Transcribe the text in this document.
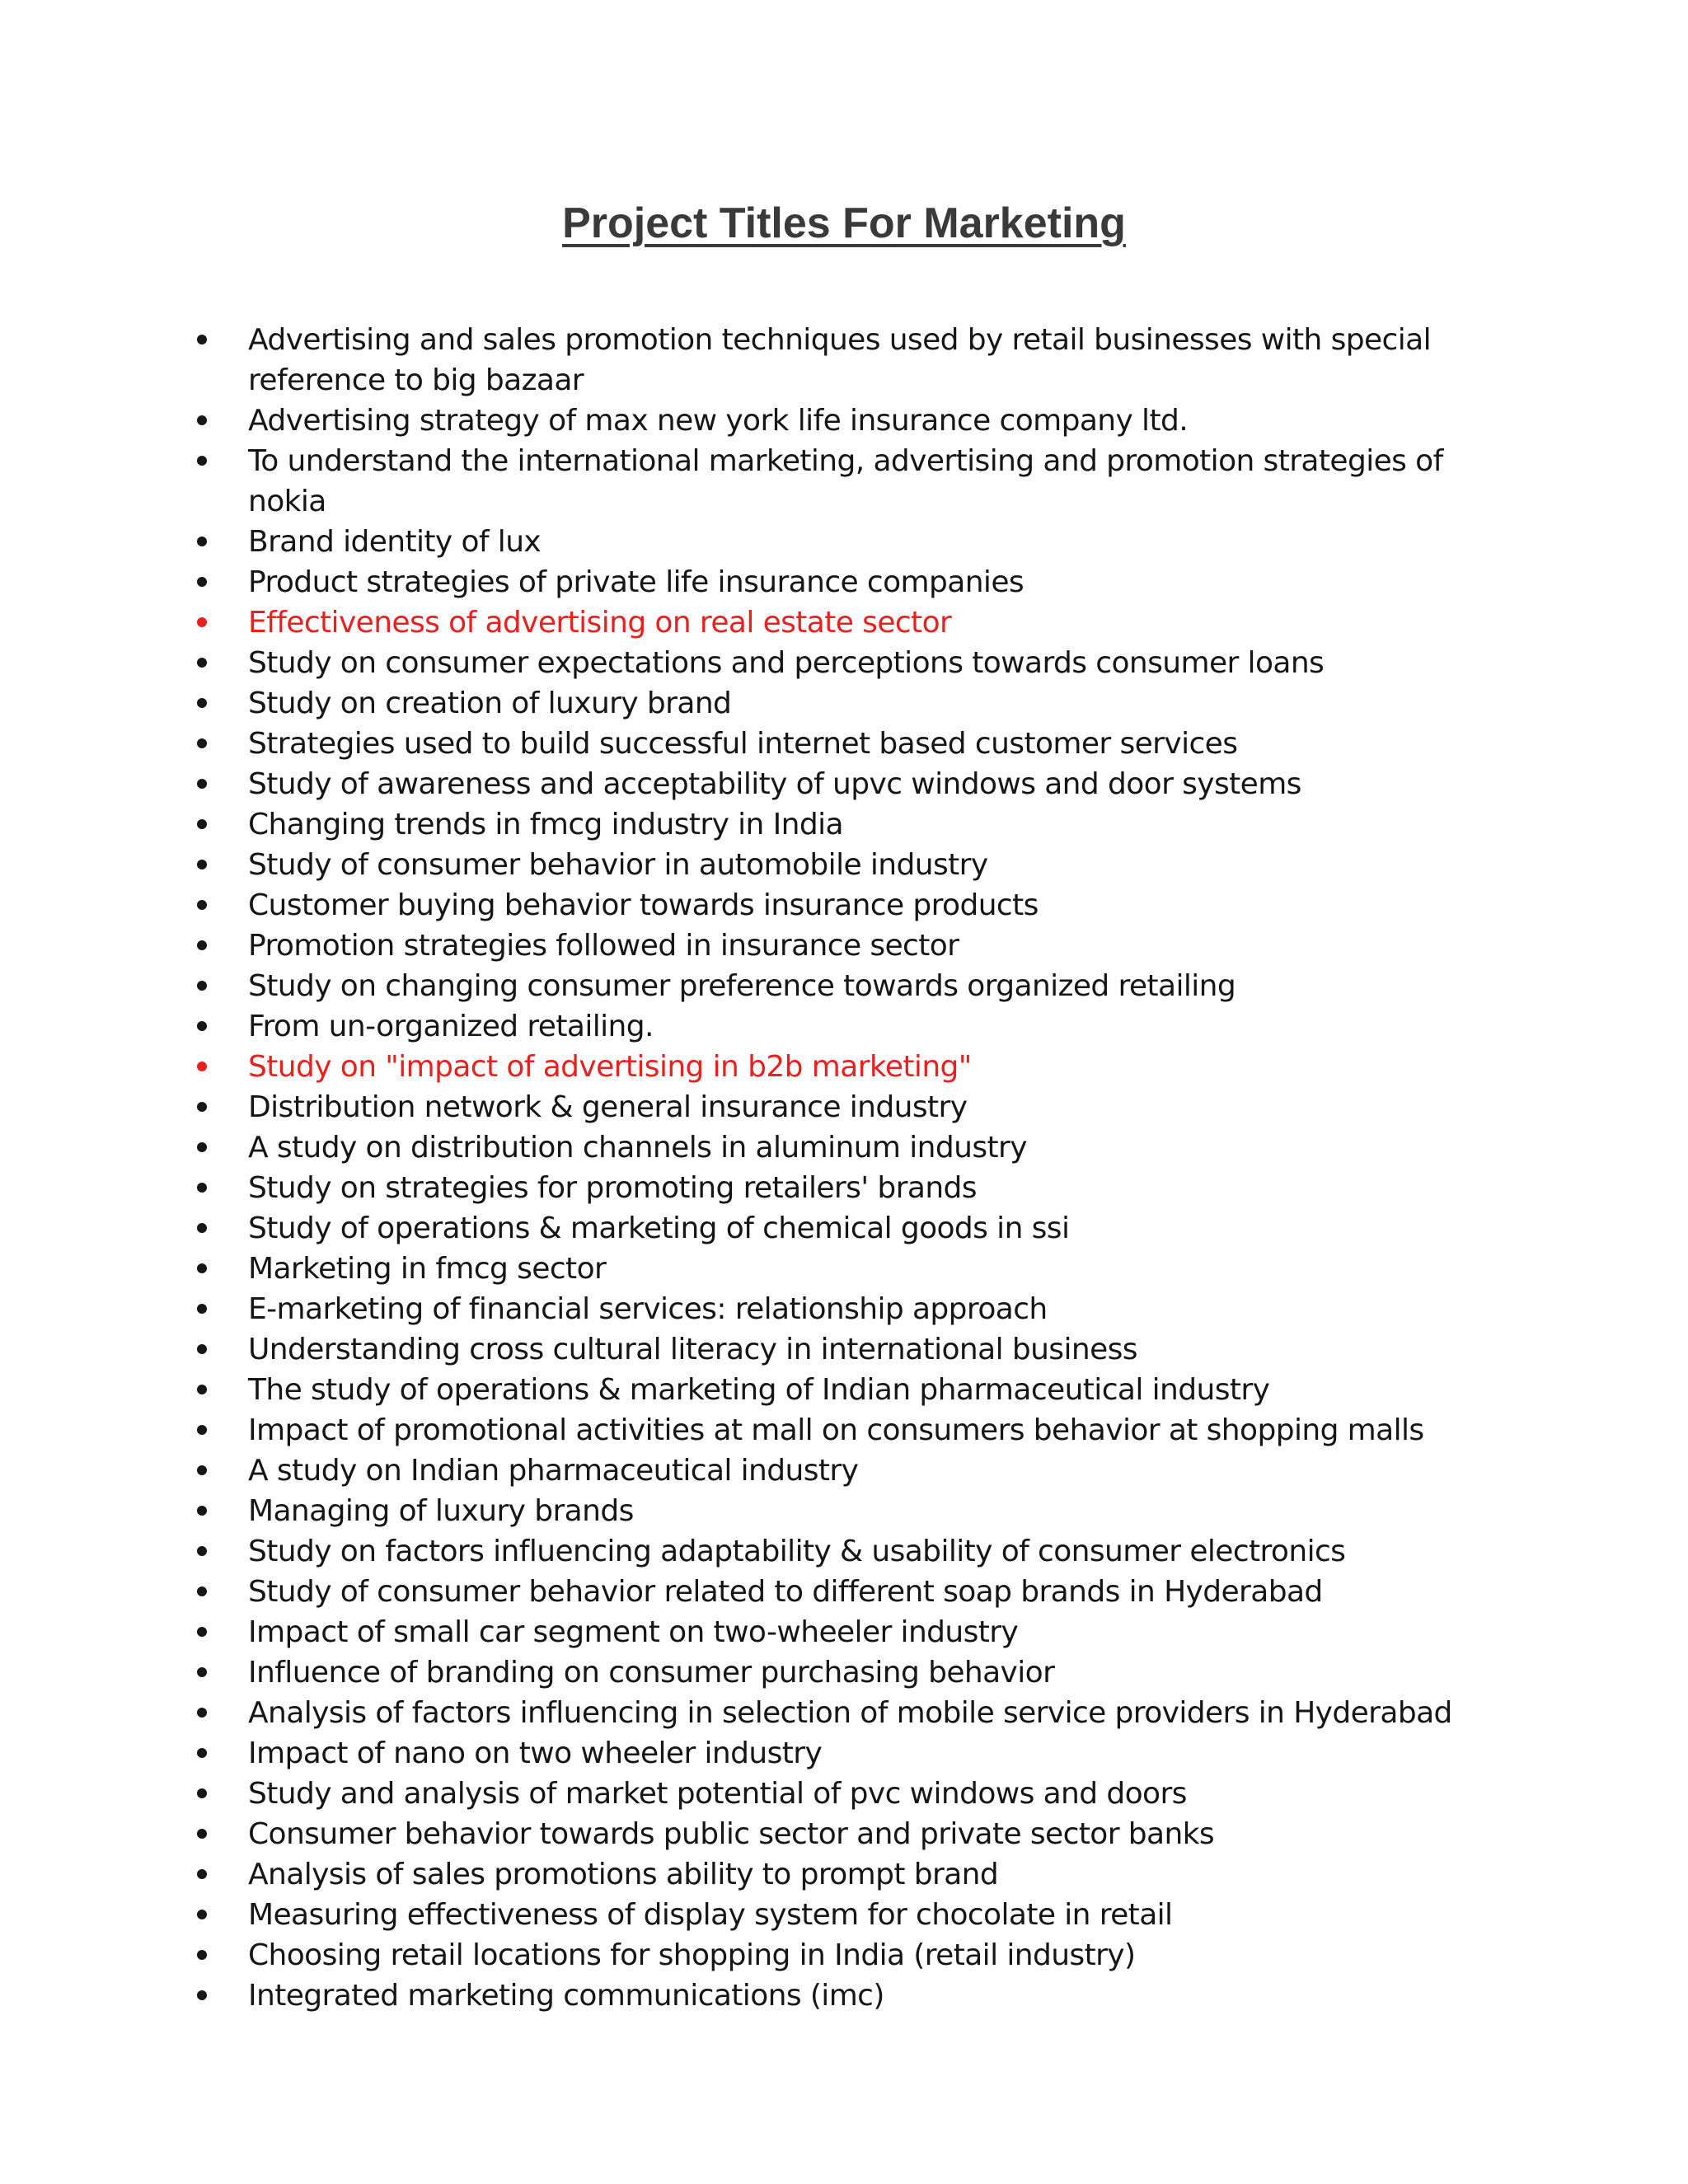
Project Titles For Marketing
Advertising and sales promotion techniques used by retail businesses with special reference to big bazaar
Advertising strategy of max new york life insurance company ltd.
To understand the international marketing, advertising and promotion strategies of nokia
Brand identity of lux
Product strategies of private life insurance companies
Effectiveness of advertising on real estate sector
Study on consumer expectations and perceptions towards consumer loans
Study on creation of luxury brand
Strategies used to build successful internet based customer services
Study of awareness and acceptability of upvc windows and door systems
Changing trends in fmcg industry in India
Study of consumer behavior in automobile industry
Customer buying behavior towards insurance products
Promotion strategies followed in insurance sector
Study on changing consumer preference towards organized retailing
From un-organized retailing.
Study on "impact of advertising in b2b marketing"
Distribution network & general insurance industry
A study on distribution channels in aluminum industry
Study on strategies for promoting retailers' brands
Study of operations & marketing of chemical goods in ssi
Marketing in fmcg sector
E-marketing of financial services: relationship approach
Understanding cross cultural literacy in international business
The study of operations & marketing of Indian pharmaceutical industry
Impact of promotional activities at mall on consumers behavior at shopping malls
A study on Indian pharmaceutical industry
Managing of luxury brands
Study on factors influencing adaptability & usability of consumer electronics
Study of consumer behavior related to different soap brands in Hyderabad
Impact of small car segment on two-wheeler industry
Influence of branding on consumer purchasing behavior
Analysis of factors influencing in selection of mobile service providers in Hyderabad
Impact of nano on two wheeler industry
Study and analysis of market potential of pvc windows and doors
Consumer behavior towards public sector and private sector banks
Analysis of sales promotions ability to prompt brand
Measuring effectiveness of display system for chocolate in retail
Choosing retail locations for shopping in India (retail industry)
Integrated marketing communications (imc)
